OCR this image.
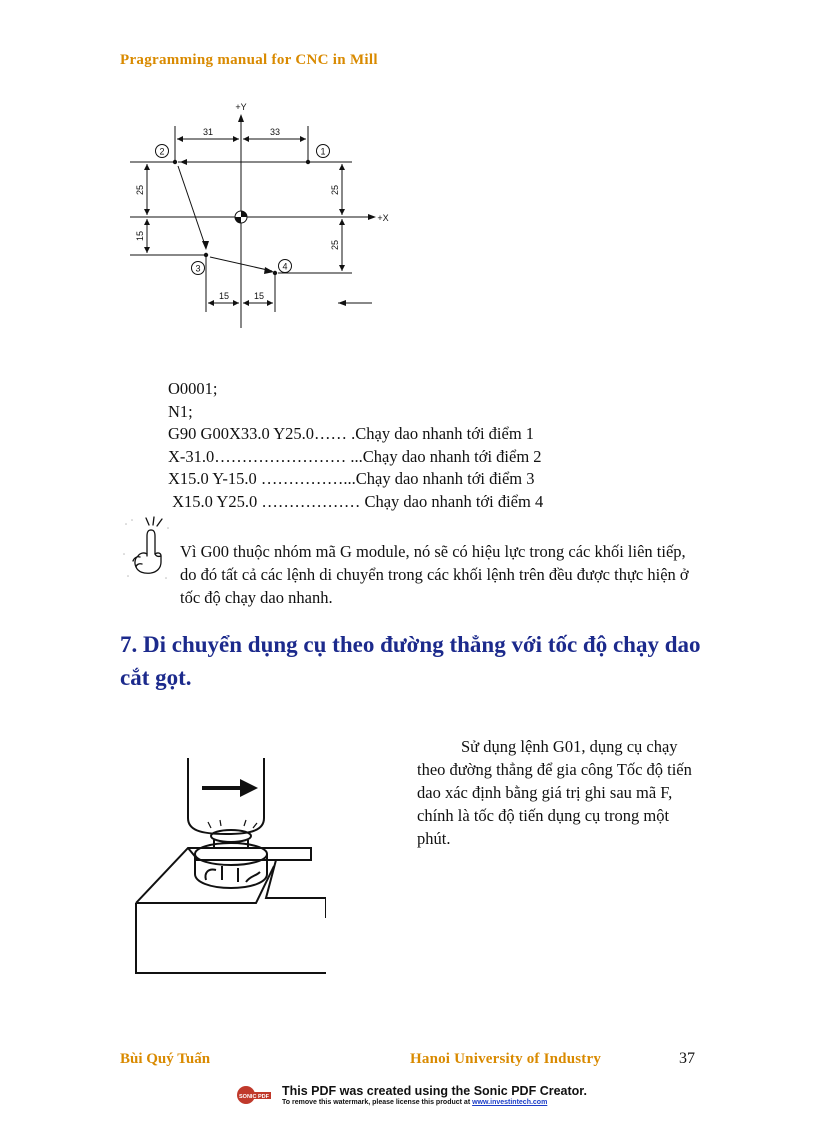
Pragramming manual for CNC in Mill
2	1
3	4
+Y
+X
31	33
15	15
25
15
25
25
O0001;
N1;
G90 G00X33.0 Y25.0…… .Chạy dao nhanh tới điểm 1
X-31.0…………………… ...Chạy dao nhanh tới điểm 2
X15.0 Y-15.0 ……………...Chạy dao nhanh tới điểm 3
X15.0 Y25.0 ……………… Chạy dao nhanh tới điểm 4
Vì G00 thuộc nhóm mã G module, nó sẽ có hiệu lực trong các khối liên tiếp, do đó tất cả các lệnh di chuyển trong các khối lệnh trên đều được thực hiện ở tốc độ chạy dao nhanh.
7. Di chuyển dụng cụ theo đường thẳng với tốc độ chạy dao cắt gọt.
Sử dụng lệnh G01, dụng cụ chạy theo đường thẳng để gia công Tốc độ tiến dao xác định bằng giá trị ghi sau mã F, chính là tốc độ tiến dụng cụ trong một phút.
Bùi Quý Tuấn	Hanoi University of Industry	37
SONIC PDF
This PDF was created using the Sonic PDF Creator.
To remove this watermark, please license this product at www.investintech.com
